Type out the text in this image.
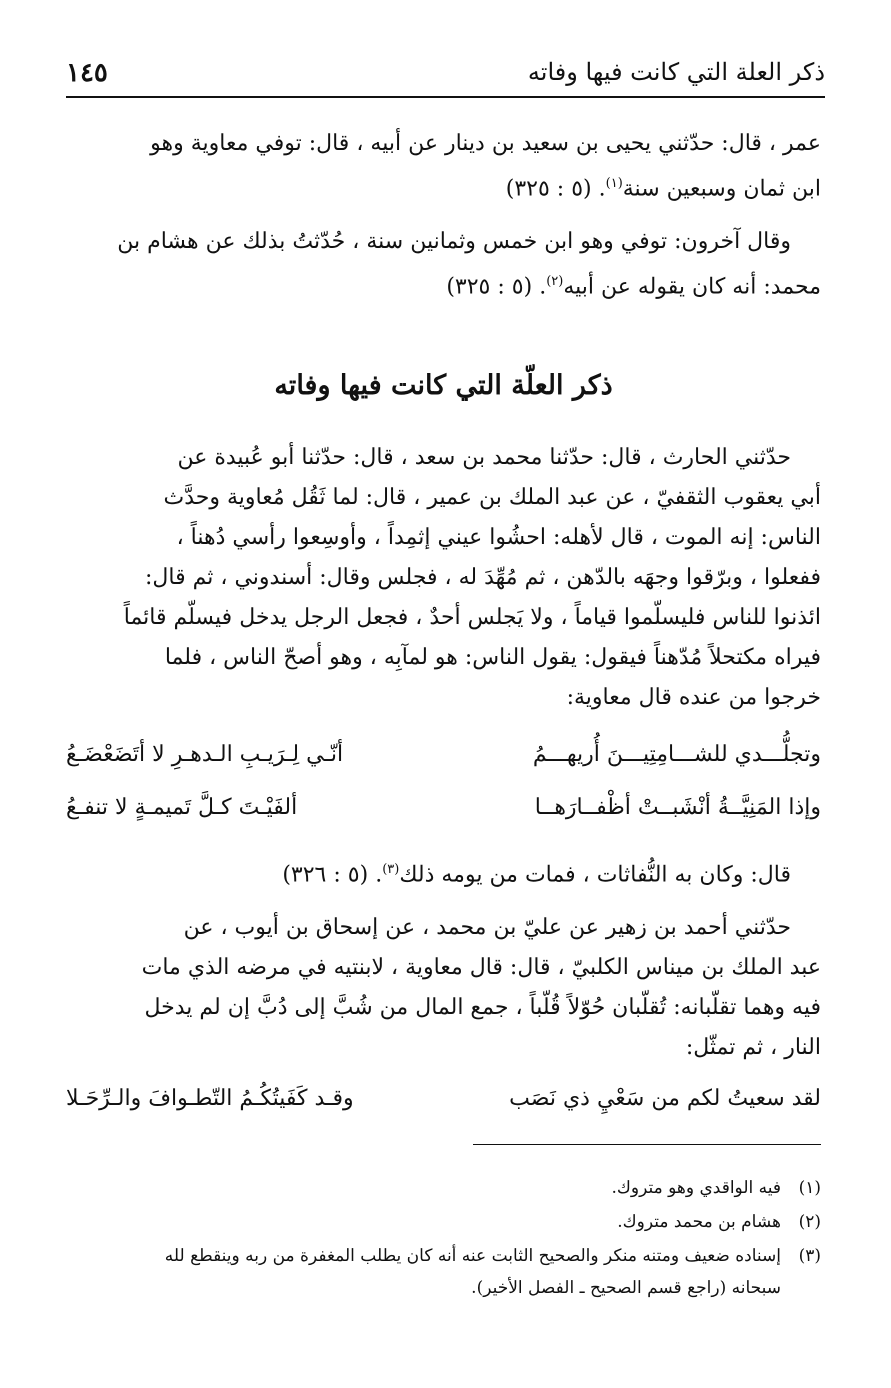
ذكر العلة التي كانت فيها وفاته
١٤٥

عمر ، قال: حدّثني يحيى بن سعيد بن دينار عن أبيه ، قال: توفي معاوية وهو
ابن ثمان وسبعين سنة$^{(١)}$. (٥ : ٣٢٥)

وقال آخرون: توفي وهو ابن خمس وثمانين سنة ، حُدّثتُ بذلك عن هشام بن
محمد: أنه كان يقوله عن أبيه$^{(٢)}$. (٥ : ٣٢٥)

ذكر العلّة التي كانت فيها وفاته

حدّثني الحارث ، قال: حدّثنا محمد بن سعد ، قال: حدّثنا أبو عُبيدة عن
أبي يعقوب الثقفيّ ، عن عبد الملك بن عمير ، قال: لما ثَقُل مُعاوية وحدَّث
الناس: إنه الموت ، قال لأهله: احشُوا عيني إثمِداً ، وأوسِعوا رأسي دُهناً ،
ففعلوا ، وبرّقوا وجهَه بالدّهن ، ثم مُهِّدَ له ، فجلس وقال: أسندوني ، ثم قال:
ائذنوا للناس فليسلّموا قياماً ، ولا يَجلس أحدٌ ، فجعل الرجل يدخل فيسلّم قائماً
فيراه مكتحلاً مُدّهناً فيقول: يقول الناس: هو لمآبِه ، وهو أصحّ الناس ، فلما
خرجوا من عنده قال معاوية:

وتجلُّـــدي للشـــامِتِيـــنَ أُريهـــمُ
أنّـي لِـرَيـبِ الـدهـرِ لا أتَضَعْضَـعُ
وإذا المَنِيَّــةُ أنْشَبــتْ أظْفــارَهــا
ألفَيْـتَ كـلَّ تَميمـةٍ لا تنفـعُ

قال: وكان به النُّفاثات ، فمات من يومه ذلك$^{(٣)}$. (٥ : ٣٢٦)

حدّثني أحمد بن زهير عن عليّ بن محمد ، عن إسحاق بن أيوب ، عن
عبد الملك بن ميناس الكلبيّ ، قال: قال معاوية ، لابنتيه في مرضه الذي مات
فيه وهما تقلّبانه: تُقلّبان حُوّلاً قُلّباً ، جمع المال من شُبَّ إلى دُبَّ إن لم يدخل
النار ، ثم تمثّل:

لقد سعيتُ لكم من سَعْيِ ذي نَصَب
وقـد كَفَيتُكُـمُ التّطـوافَ والـرِّحَـلا
(١)فيه الواقدي وهو متروك.
(٢)هشام بن محمد متروك.
(٣)إسناده ضعيف ومتنه منكر والصحيح الثابت عنه أنه كان يطلب المغفرة من ربه وينقطع لله
سبحانه (راجع قسم الصحيح ـ الفصل الأخير).
